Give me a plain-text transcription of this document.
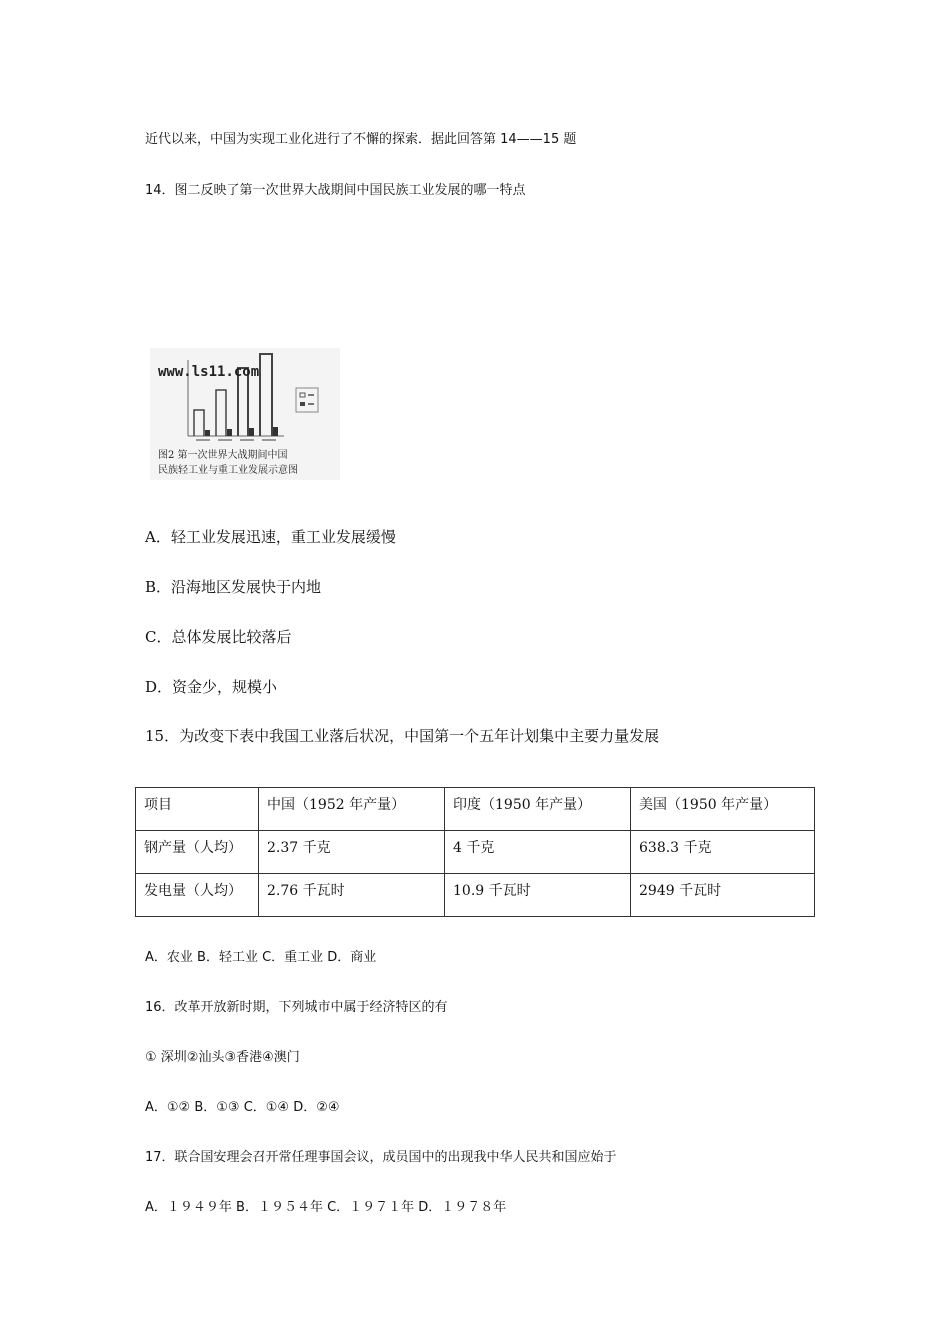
近代以来，中国为实现工业化进行了不懈的探索．据此回答第 14——15 题
14．图二反映了第一次世界大战期间中国民族工业发展的哪一特点
www.ls11.com
图2 第一次世界大战期间中国
民族轻工业与重工业发展示意图
A．轻工业发展迅速，重工业发展缓慢
B．沿海地区发展快于内地
C．总体发展比较落后
D．资金少，规模小
15．为改变下表中我国工业落后状况，中国第一个五年计划集中主要力量发展
项目	中国（1952 年产量）	印度（1950 年产量）	美国（1950 年产量）
钢产量（人均）	2.37 千克	4 千克	638.3 千克
发电量（人均）	2.76 千瓦时	10.9 千瓦时	2949 千瓦时
A．农业 B．轻工业 C．重工业 D．商业
16．改革开放新时期，下列城市中属于经济特区的有
① 深圳②汕头③香港④澳门
A．①② B．①③ C．①④ D．②④
17．联合国安理会召开常任理事国会议，成员国中的出现我中华人民共和国应始于
A．１９４９年 B．１９５４年 C．１９７１年 D．１９７８年
